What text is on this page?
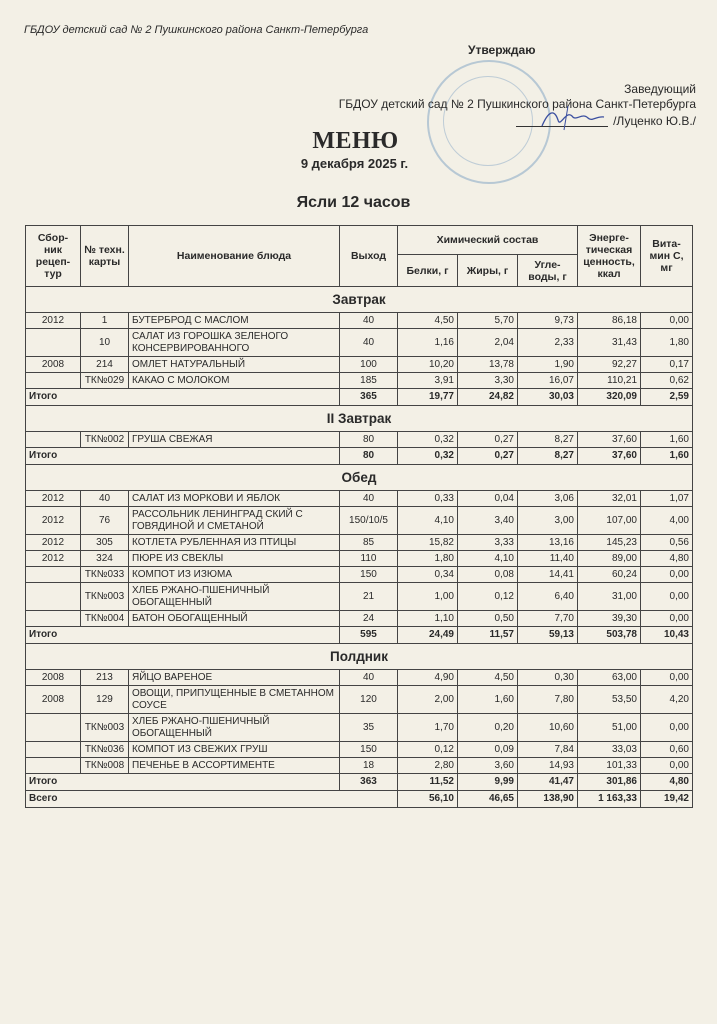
ГБДОУ детский сад № 2 Пушкинского района Санкт-Петербурга
Утверждаю
Заведующий
ГБДОУ детский сад № 2 Пушкинского района Санкт-Петербурга
/Луценко Ю.В./
МЕНЮ
9 декабря 2025 г.
Ясли 12 часов
Сбор-ник рецеп-тур	№ техн. карты	Наименование блюда	Выход	Химический состав			Энерге-тическая ценность, ккал	Вита-мин С, мг
				Белки, г	Жиры, г	Угле-воды, г		
Завтрак								
2012	1	БУТЕРБРОД С МАСЛОМ	40	4,50	5,70	9,73	86,18	0,00
	10	САЛАТ ИЗ ГОРОШКА ЗЕЛЕНОГО КОНСЕРВИРОВАННОГО	40	1,16	2,04	2,33	31,43	1,80
2008	214	ОМЛЕТ НАТУРАЛЬНЫЙ	100	10,20	13,78	1,90	92,27	0,17
	ТК№029	КАКАО С МОЛОКОМ	185	3,91	3,30	16,07	110,21	0,62
Итого			365	19,77	24,82	30,03	320,09	2,59
II Завтрак								
	ТК№002	ГРУША СВЕЖАЯ	80	0,32	0,27	8,27	37,60	1,60
Итого			80	0,32	0,27	8,27	37,60	1,60
Обед								
2012	40	САЛАТ ИЗ МОРКОВИ И ЯБЛОК	40	0,33	0,04	3,06	32,01	1,07
2012	76	РАССОЛЬНИК ЛЕНИНГРАД СКИЙ С ГОВЯДИНОЙ И СМЕТАНОЙ	150/10/5	4,10	3,40	3,00	107,00	4,00
2012	305	КОТЛЕТА РУБЛЕННАЯ ИЗ ПТИЦЫ	85	15,82	3,33	13,16	145,23	0,56
2012	324	ПЮРЕ ИЗ СВЕКЛЫ	110	1,80	4,10	11,40	89,00	4,80
	ТК№033	КОМПОТ ИЗ ИЗЮМА	150	0,34	0,08	14,41	60,24	0,00
	ТК№003	ХЛЕБ РЖАНО-ПШЕНИЧНЫЙ ОБОГАЩЕННЫЙ	21	1,00	0,12	6,40	31,00	0,00
	ТК№004	БАТОН ОБОГАЩЕННЫЙ	24	1,10	0,50	7,70	39,30	0,00
Итого			595	24,49	11,57	59,13	503,78	10,43
Полдник								
2008	213	ЯЙЦО ВАРЕНОЕ	40	4,90	4,50	0,30	63,00	0,00
2008	129	ОВОЩИ, ПРИПУЩЕННЫЕ В СМЕТАННОМ СОУСЕ	120	2,00	1,60	7,80	53,50	4,20
	ТК№003	ХЛЕБ РЖАНО-ПШЕНИЧНЫЙ ОБОГАЩЕННЫЙ	35	1,70	0,20	10,60	51,00	0,00
	ТК№036	КОМПОТ ИЗ СВЕЖИХ ГРУШ	150	0,12	0,09	7,84	33,03	0,60
	ТК№008	ПЕЧЕНЬЕ В АССОРТИМЕНТЕ	18	2,80	3,60	14,93	101,33	0,00
Итого			363	11,52	9,99	41,47	301,86	4,80
Всего				56,10	46,65	138,90	1 163,33	19,42
